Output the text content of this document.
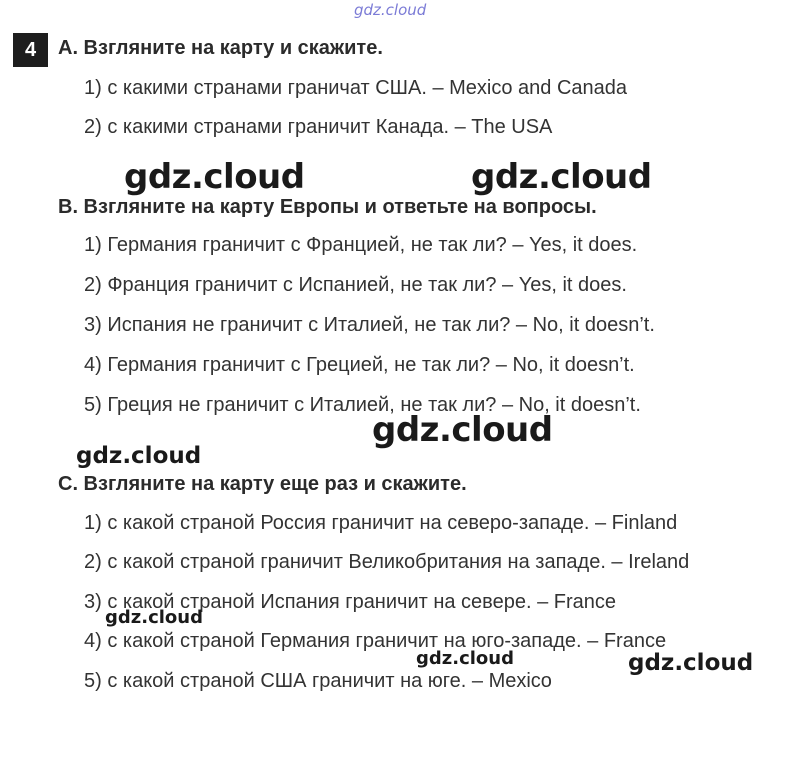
4	A. Взгляните на карту и скажите.
1) с какими странами граничат США. – Mexico and Canada
2) с какими странами граничит Канада. – The USA
B. Взгляните на карту Европы и ответьте на вопросы.
1) Германия граничит с Францией, не так ли? – Yes, it does.
2) Франция граничит с Испанией, не так ли? – Yes, it does.
3) Испания не граничит с Италией, не так ли? – No, it doesn’t.
4) Германия граничит с Грецией, не так ли? – No, it doesn’t.
5) Греция не граничит с Италией, не так ли? – No, it doesn’t.
C. Взгляните на карту еще раз и скажите.
1) с какой страной Россия граничит на северо-западе. – Finland
2) с какой страной граничит Великобритания на западе. – Ireland
3) с какой страной Испания граничит на севере. – France
4) с какой страной Германия граничит на юго-западе. – France
5) с какой страной США граничит на юге. – Mexico
gdz.cloud
gdz.cloud	gdz.cloud
gdz.cloud
gdz.cloud
gdz.cloud
gdz.cloud	gdz.cloud
